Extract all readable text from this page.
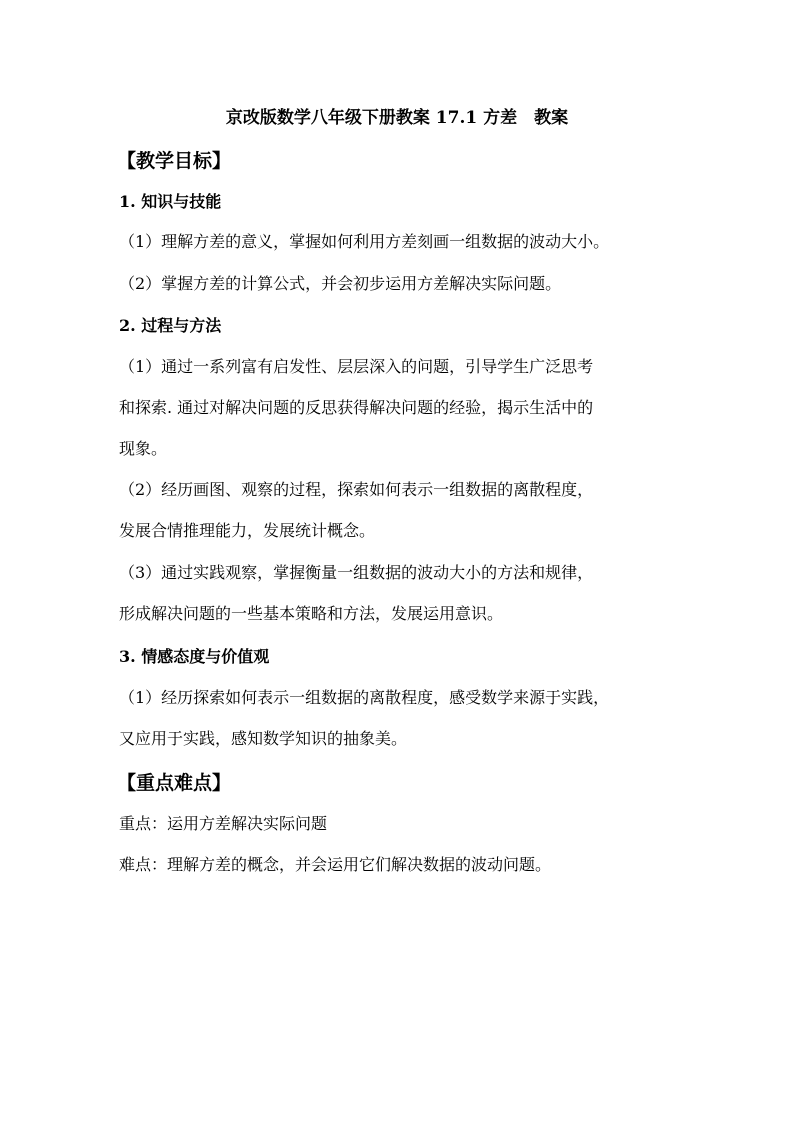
京改版数学八年级下册教案 17.1 方差　教案
【教学目标】
1. 知识与技能
（1）理解方差的意义，掌握如何利用方差刻画一组数据的波动大小。
（2）掌握方差的计算公式，并会初步运用方差解决实际问题。
2. 过程与方法
（1）通过一系列富有启发性、层层深入的问题，引导学生广泛思考
和探索. 通过对解决问题的反思获得解决问题的经验，揭示生活中的
现象。
（2）经历画图、观察的过程，探索如何表示一组数据的离散程度，
发展合情推理能力，发展统计概念。
（3）通过实践观察，掌握衡量一组数据的波动大小的方法和规律，
形成解决问题的一些基本策略和方法，发展运用意识。
3. 情感态度与价值观
（1）经历探索如何表示一组数据的离散程度，感受数学来源于实践，
又应用于实践，感知数学知识的抽象美。
【重点难点】
重点：运用方差解决实际问题
难点：理解方差的概念，并会运用它们解决数据的波动问题。
